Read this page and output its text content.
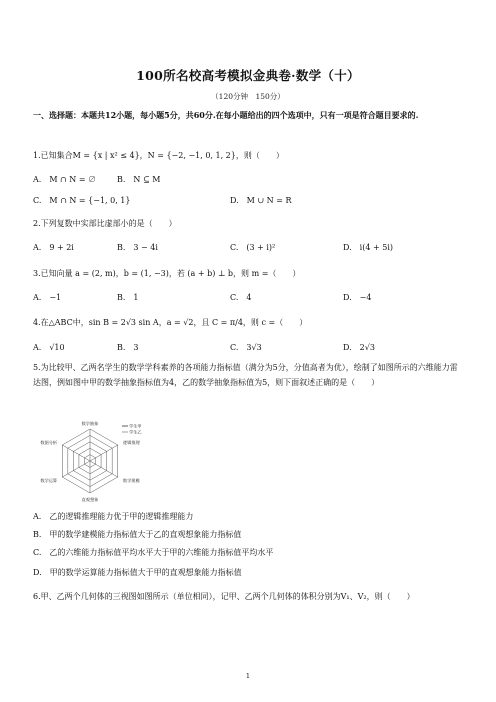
100所名校高考模拟金典卷·数学（十）
（120分钟　150分）
一、选择题：本题共12小题，每小题5分，共60分.在每小题给出的四个选项中，只有一项是符合题目要求的.
1.已知集合M = {x | x² ≤ 4}，N = {−2, −1, 0, 1, 2}，则（　　）
A.　M ∩ N = ∅	B.　N ⊆ M
C.　M ∩ N = {−1, 0, 1}	D.　M ∪ N = R
2.下列复数中实部比虚部小的是（　　）
A.　9 + 2i	B.　3 − 4i	C.　(3 + i)²	D.　i(4 + 5i)
3.已知向量 a = (2, m)，b = (1, −3)，若 (a + b) ⊥ b，则 m =（　　）
A.　−1	B.　1	C.　4	D.　−4
4.在△ABC中，sin B = 2√3 sin A，a = √2，且 C = π/4，则 c =（　　）
A.　√10	B.　3	C.　3√3	D.　2√3
5.为比较甲、乙两名学生的数学学科素养的各项能力指标值（满分为5分，分值高者为优），绘制了如图所示的六维能力雷达图，例如图中甲的数学抽象指标值为4，乙的数学抽象指标值为5，则下面叙述正确的是（　　）
数学抽象
逻辑推理
数学建模
直观想象
数学运算
数据分析
学生甲
学生乙
A.　乙的逻辑推理能力优于甲的逻辑推理能力
B.　甲的数学建模能力指标值大于乙的直观想象能力指标值
C.　乙的六维能力指标值平均水平大于甲的六维能力指标值平均水平
D.　甲的数学运算能力指标值大于甲的直观想象能力指标值
6.甲、乙两个几何体的三视图如图所示（单位相同），记甲、乙两个几何体的体积分别为V₁、V₂，则（　　）
1
